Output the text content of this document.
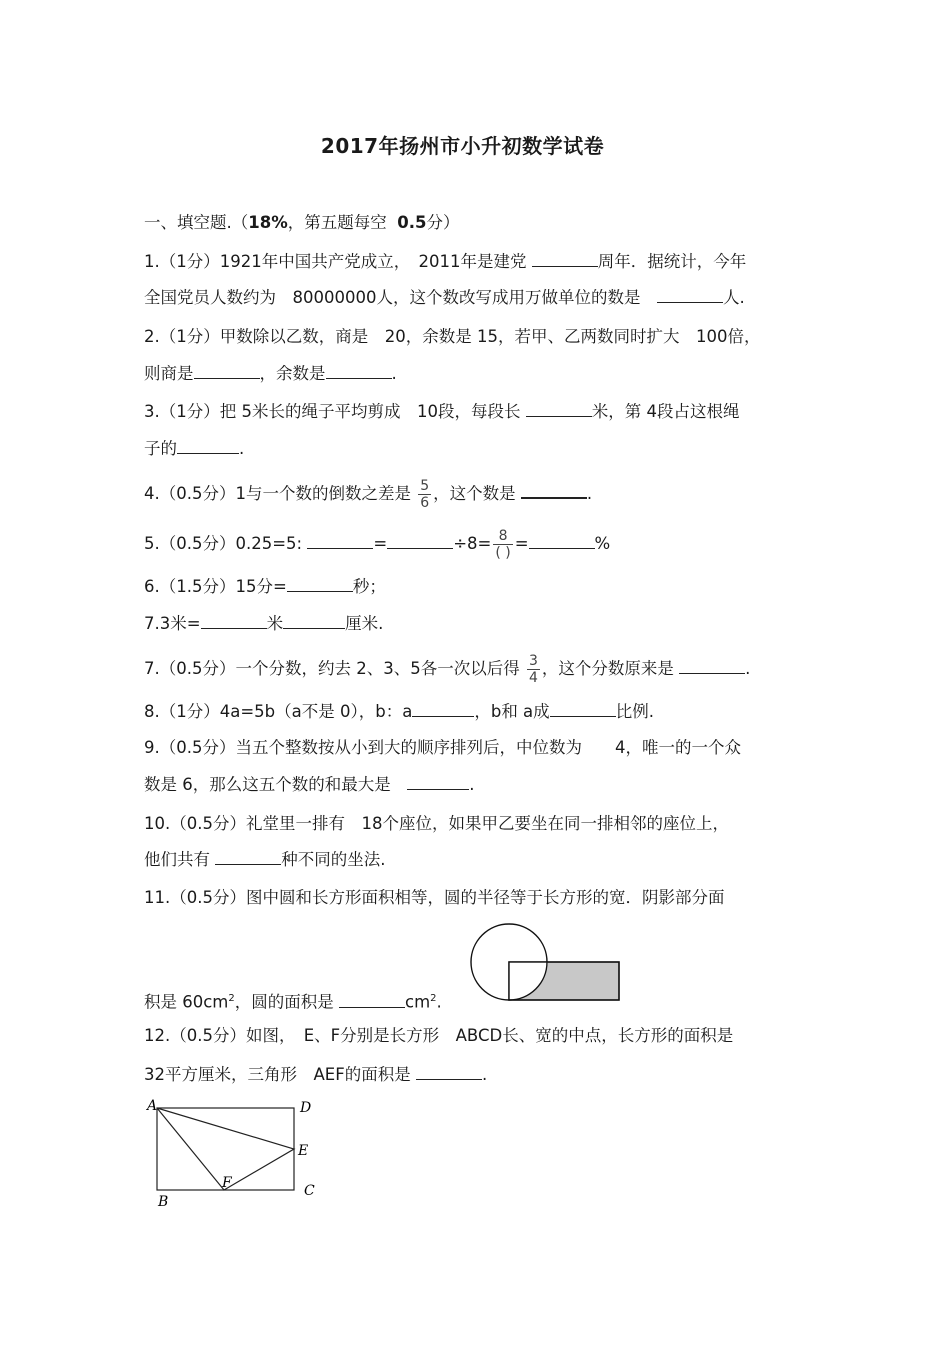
2017年扬州市小升初数学试卷
一、填空题.（18%，第五题每空 0.5分）
1.（1分）1921年中国共产党成立，　2011年是建党	周年．据统计，今年
全国党员人数约为　80000000人，这个数改写成用万做单位的数是　	人.
2.（1分）甲数除以乙数，商是　20，余数是 15，若甲、乙两数同时扩大　100倍，
则商是	，余数是	.
3.（1分）把 5米长的绳子平均剪成　10段，每段长	米，第 4段占这根绳
子的	.
4.（0.5分）1与一个数的倒数之差是 $\frac{5}{6}$ ，这个数是	.
5.（0.5分）0.25=5:	=	$\div 8= \frac{8}{( )}$ =	%
6.（1.5分）15分=	秒；
7.3米=	米	厘米.
7.（0.5分）一个分数，约去 2、3、5各一次以后得 $\frac{3}{4}$ ，这个分数原来是	.
8.（1分）4a=5b（a不是 0），b：a	，b和 a成	比例.
9.（0.5分）当五个整数按从小到大的顺序排列后，中位数为　　4，唯一的一个众
数是 6，那么这五个数的和最大是　	.
10.（0.5分）礼堂里一排有　18个座位，如果甲乙要坐在同一排相邻的座位上，
他们共有	种不同的坐法.
11.（0.5分）图中圆和长方形面积相等，圆的半径等于长方形的宽．阴影部分面
积是 $60cm^2$，圆的面积是	$cm^2$.
12.（0.5分）如图，　E、F分别是长方形　ABCD长、宽的中点，长方形的面积是
32平方厘米，三角形　AEF的面积是	.
A	D
E
C
F
B
